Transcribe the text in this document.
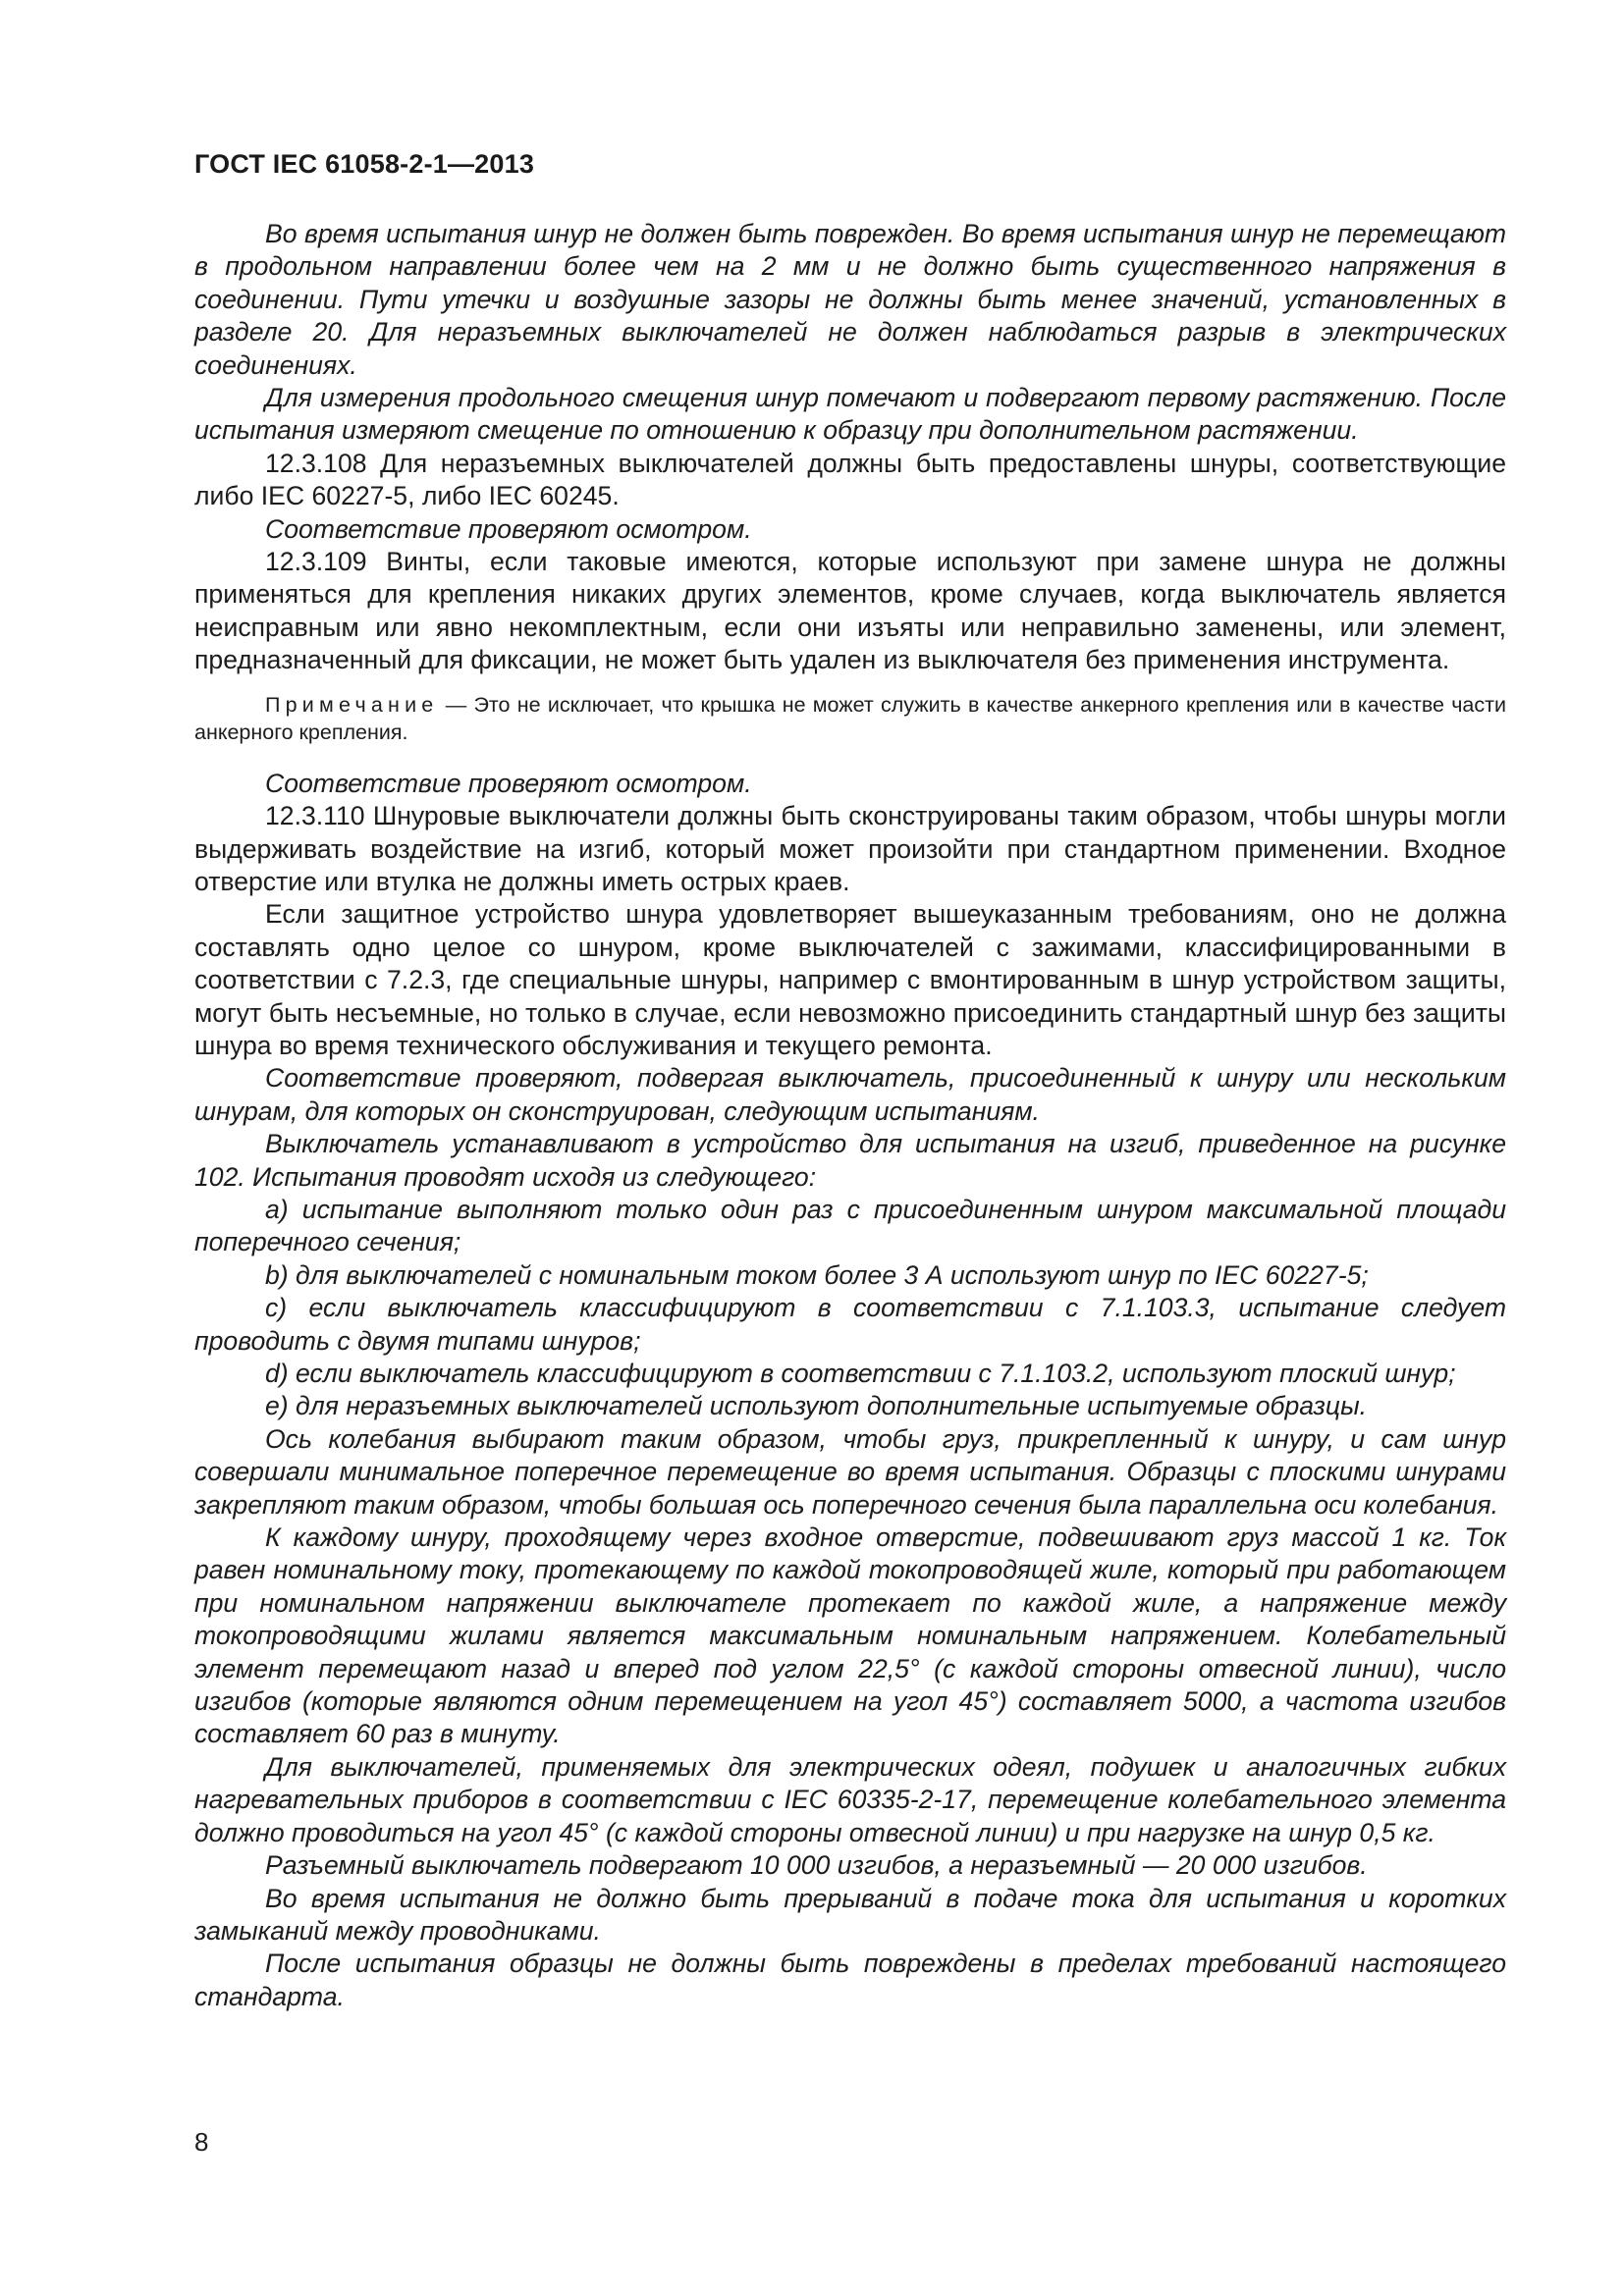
ГОСТ IEC 61058-2-1—2013

Во время испытания шнур не должен быть поврежден. Во время испытания шнур не перемещают в продольном направлении более чем на 2 мм и не должно быть существенного напряжения в соединении. Пути утечки и воздушные зазоры не должны быть менее значений, установленных в разделе 20. Для неразъемных выключателей не должен наблюдаться разрыв в электрических соединениях.

Для измерения продольного смещения шнур помечают и подвергают первому растяжению. После испытания измеряют смещение по отношению к образцу при дополнительном растяжении.

12.3.108 Для неразъемных выключателей должны быть предоставлены шнуры, соответствующие либо IEC 60227-5, либо IEC 60245.

Соответствие проверяют осмотром.

12.3.109 Винты, если таковые имеются, которые используют при замене шнура не должны применяться для крепления никаких других элементов, кроме случаев, когда выключатель является неисправным или явно некомплектным, если они изъяты или неправильно заменены, или элемент, предназначенный для фиксации, не может быть удален из выключателя без применения инструмента.

Примечание — Это не исключает, что крышка не может служить в качестве анкерного крепления или в качестве части анкерного крепления.

Соответствие проверяют осмотром.

12.3.110 Шнуровые выключатели должны быть сконструированы таким образом, чтобы шнуры могли выдерживать воздействие на изгиб, который может произойти при стандартном применении. Входное отверстие или втулка не должны иметь острых краев.

Если защитное устройство шнура удовлетворяет вышеуказанным требованиям, оно не должна составлять одно целое со шнуром, кроме выключателей с зажимами, классифицированными в соответствии с 7.2.3, где специальные шнуры, например с вмонтированным в шнур устройством защиты, могут быть несъемные, но только в случае, если невозможно присоединить стандартный шнур без защиты шнура во время технического обслуживания и текущего ремонта.

Соответствие проверяют, подвергая выключатель, присоединенный к шнуру или нескольким шнурам, для которых он сконструирован, следующим испытаниям.

Выключатель устанавливают в устройство для испытания на изгиб, приведенное на рисунке 102. Испытания проводят исходя из следующего:

a) испытание выполняют только один раз с присоединенным шнуром максимальной площади поперечного сечения;

b) для выключателей с номинальным током более 3 А используют шнур по IEC 60227-5;

c) если выключатель классифицируют в соответствии с 7.1.103.3, испытание следует проводить с двумя типами шнуров;

d) если выключатель классифицируют в соответствии с 7.1.103.2, используют плоский шнур;

e) для неразъемных выключателей используют дополнительные испытуемые образцы.

Ось колебания выбирают таким образом, чтобы груз, прикрепленный к шнуру, и сам шнур совершали минимальное поперечное перемещение во время испытания. Образцы с плоскими шнурами закрепляют таким образом, чтобы большая ось поперечного сечения была параллельна оси колебания.

К каждому шнуру, проходящему через входное отверстие, подвешивают груз массой 1 кг. Ток равен номинальному току, протекающему по каждой токопроводящей жиле, который при работающем при номинальном напряжении выключателе протекает по каждой жиле, а напряжение между токопроводящими жилами является максимальным номинальным напряжением. Колебательный элемент перемещают назад и вперед под углом 22,5° (с каждой стороны отвесной линии), число изгибов (которые являются одним перемещением на угол 45°) составляет 5000, а частота изгибов составляет 60 раз в минуту.

Для выключателей, применяемых для электрических одеял, подушек и аналогичных гибких нагревательных приборов в соответствии с IEC 60335-2-17, перемещение колебательного элемента должно проводиться на угол 45° (с каждой стороны отвесной линии) и при нагрузке на шнур 0,5 кг.

Разъемный выключатель подвергают 10 000 изгибов, а неразъемный — 20 000 изгибов.

Во время испытания не должно быть прерываний в подаче тока для испытания и коротких замыканий между проводниками.

После испытания образцы не должны быть повреждены в пределах требований настоящего стандарта.

8
